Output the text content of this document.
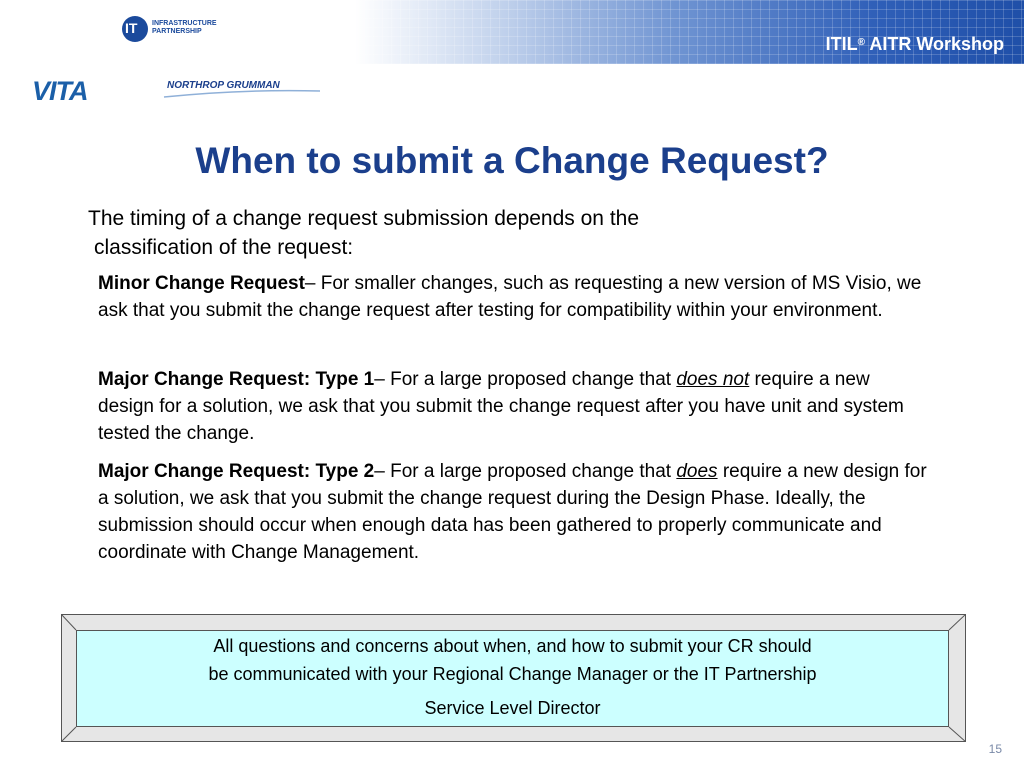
ITIL® AITR Workshop
IT INFRASTRUCTURE
PARTNERSHIP
VITA	NORTHROP GRUMMAN
When to submit a Change Request?
The timing of a change request submission depends on the
classification of the request:
Minor Change Request– For smaller changes, such as requesting a new version of MS Visio, we ask that you submit the change request after testing for compatibility within your environment.
Major Change Request: Type 1– For a large proposed change that does not require a new design for a solution, we ask that you submit the change request after you have unit and system tested the change.
Major Change Request: Type 2– For a large proposed change that does require a new design for a solution, we ask that you submit the change request during the Design Phase. Ideally, the submission should occur when enough data has been gathered to properly communicate and coordinate with Change Management.
All questions and concerns about when, and how to submit your CR should
be communicated with your Regional Change Manager or the IT Partnership
Service Level Director
15
